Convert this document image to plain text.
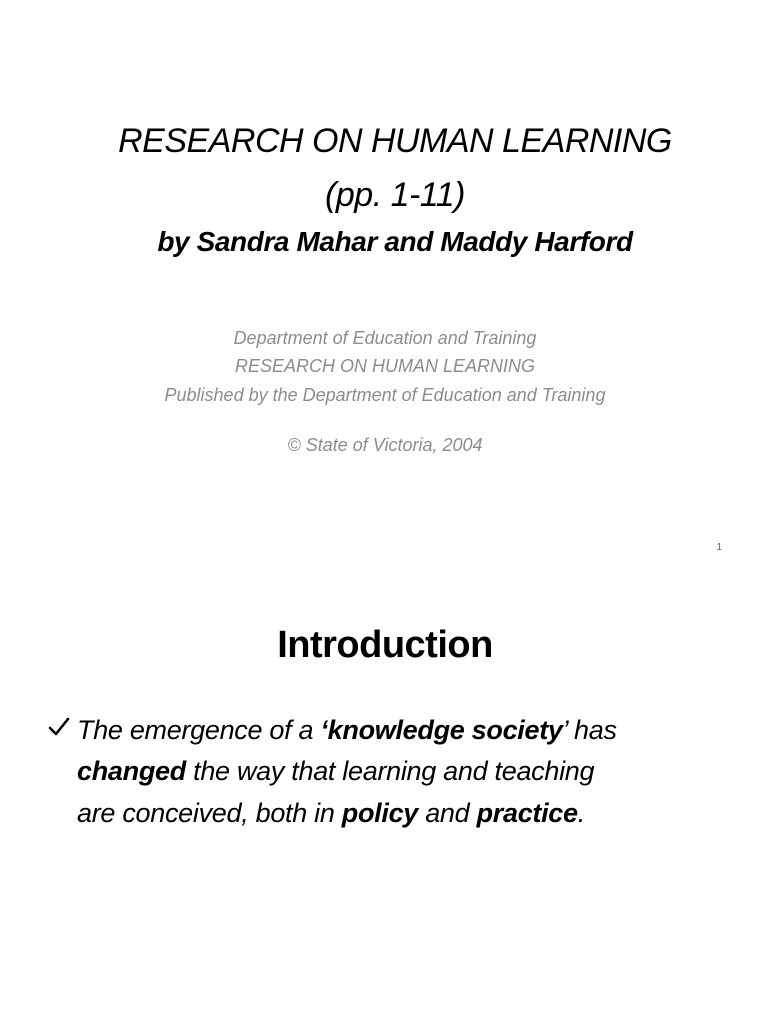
RESEARCH ON HUMAN LEARNING
(pp. 1-11)
by Sandra Mahar and Maddy Harford
Department of Education and Training
RESEARCH ON HUMAN LEARNING
Published by the Department of Education and Training
© State of Victoria, 2004
1
Introduction
The emergence of a ‘knowledge society’ has
changed the way that learning and teaching
are conceived, both in policy and practice.
